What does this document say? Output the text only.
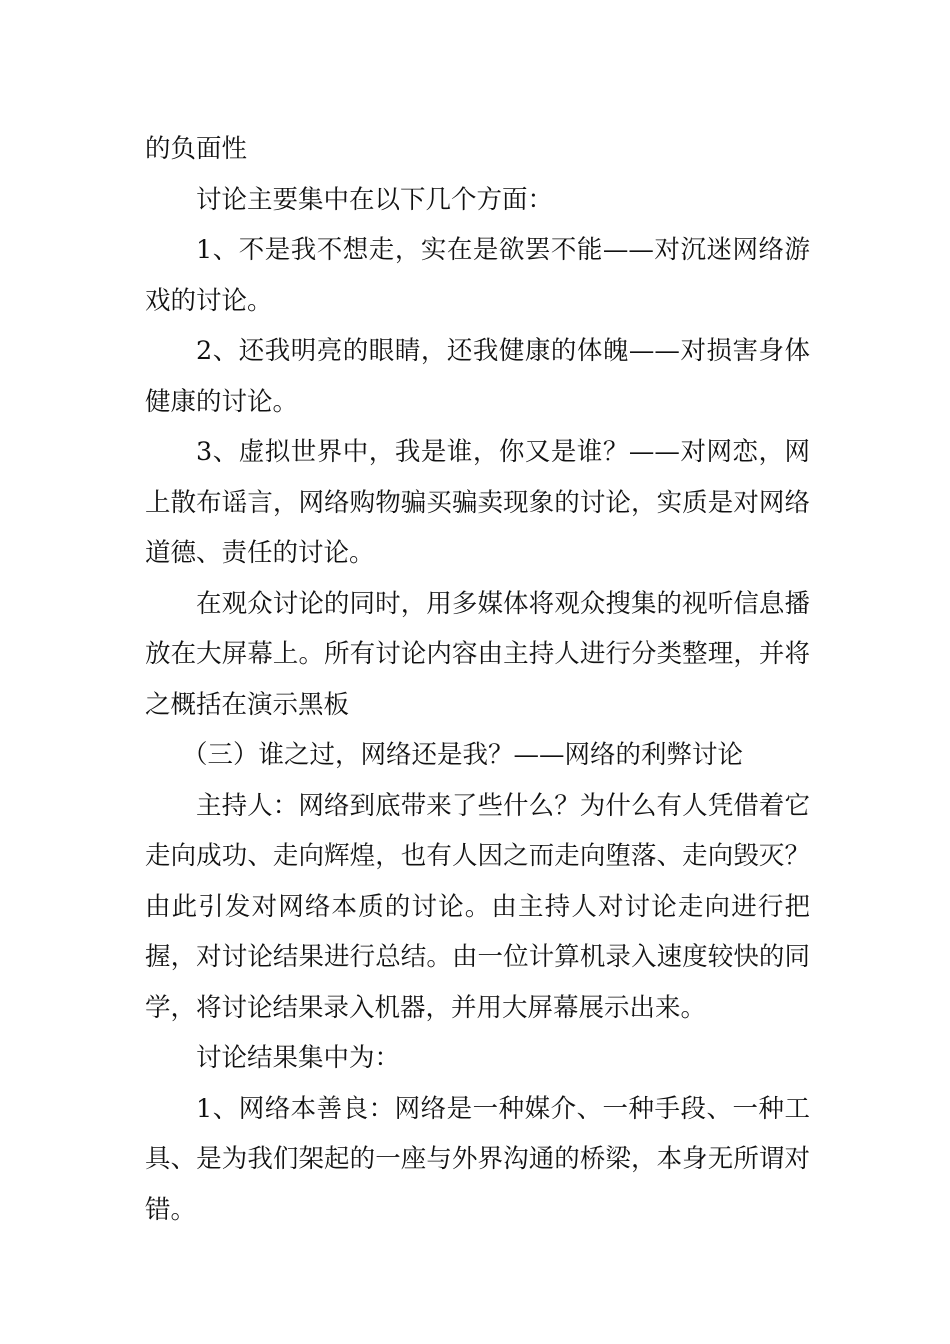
的负面性

讨论主要集中在以下几个方面：

1、不是我不想走，实在是欲罢不能——对沉迷网络游戏的讨论。

2、还我明亮的眼睛，还我健康的体魄——对损害身体健康的讨论。

3、虚拟世界中，我是谁，你又是谁？——对网恋，网上散布谣言，网络购物骗买骗卖现象的讨论，实质是对网络道德、责任的讨论。

在观众讨论的同时，用多媒体将观众搜集的视听信息播放在大屏幕上。所有讨论内容由主持人进行分类整理，并将之概括在演示黑板

（三）谁之过，网络还是我？——网络的利弊讨论

主持人：网络到底带来了些什么？为什么有人凭借着它走向成功、走向辉煌，也有人因之而走向堕落、走向毁灭？由此引发对网络本质的讨论。由主持人对讨论走向进行把握，对讨论结果进行总结。由一位计算机录入速度较快的同学，将讨论结果录入机器，并用大屏幕展示出来。

讨论结果集中为：

1、网络本善良：网络是一种媒介、一种手段、一种工具、是为我们架起的一座与外界沟通的桥梁，本身无所谓对错。
